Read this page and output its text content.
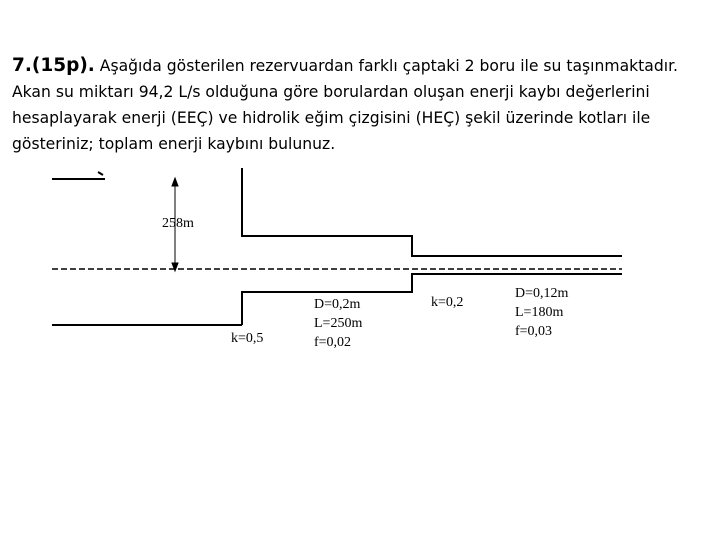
7.(15p). Aşağıda gösterilen rezervuardan farklı çaptaki 2 boru ile su taşınmaktadır.

Akan su miktarı 94,2 L/s olduğuna göre borulardan oluşan enerji kaybı değerlerini

hesaplayarak enerji (EEÇ) ve hidrolik eğim çizgisini (HEÇ) şekil üzerinde kotları ile

gösteriniz; toplam enerji kaybını bulunuz.

258m
k=0,5
D=0,2m
L=250m
f=0,02
k=0,2
D=0,12m
L=180m
f=0,03
